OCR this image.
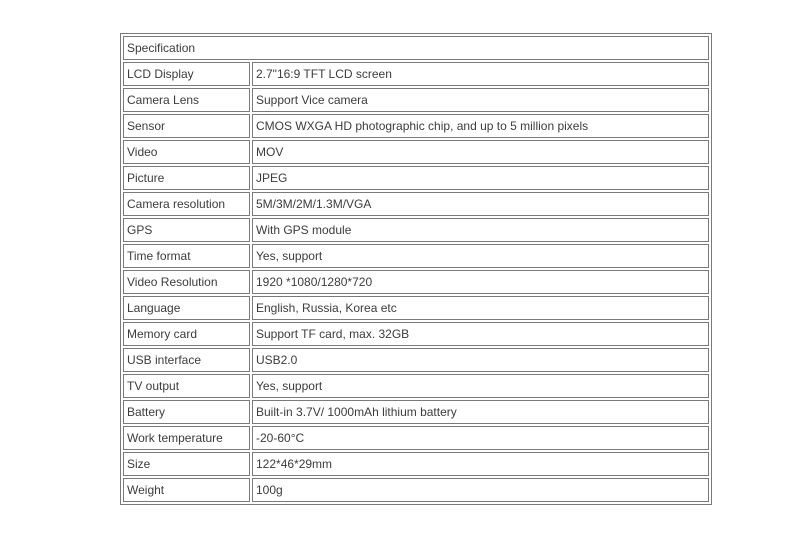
Specification	
LCD Display	2.7"16:9 TFT LCD screen
Camera Lens	Support Vice camera
Sensor	CMOS WXGA HD photographic chip, and up to 5 million pixels
Video	MOV
Picture	JPEG
Camera resolution	5M/3M/2M/1.3M/VGA
GPS	With GPS module
Time format	Yes, support
Video Resolution	1920 *1080/1280*720
Language	English, Russia, Korea etc
Memory card	Support TF card, max. 32GB
USB interface	USB2.0
TV output	Yes, support
Battery	Built-in 3.7V/ 1000mAh lithium battery
Work temperature	-20-60°C
Size	122*46*29mm
Weight	100g
